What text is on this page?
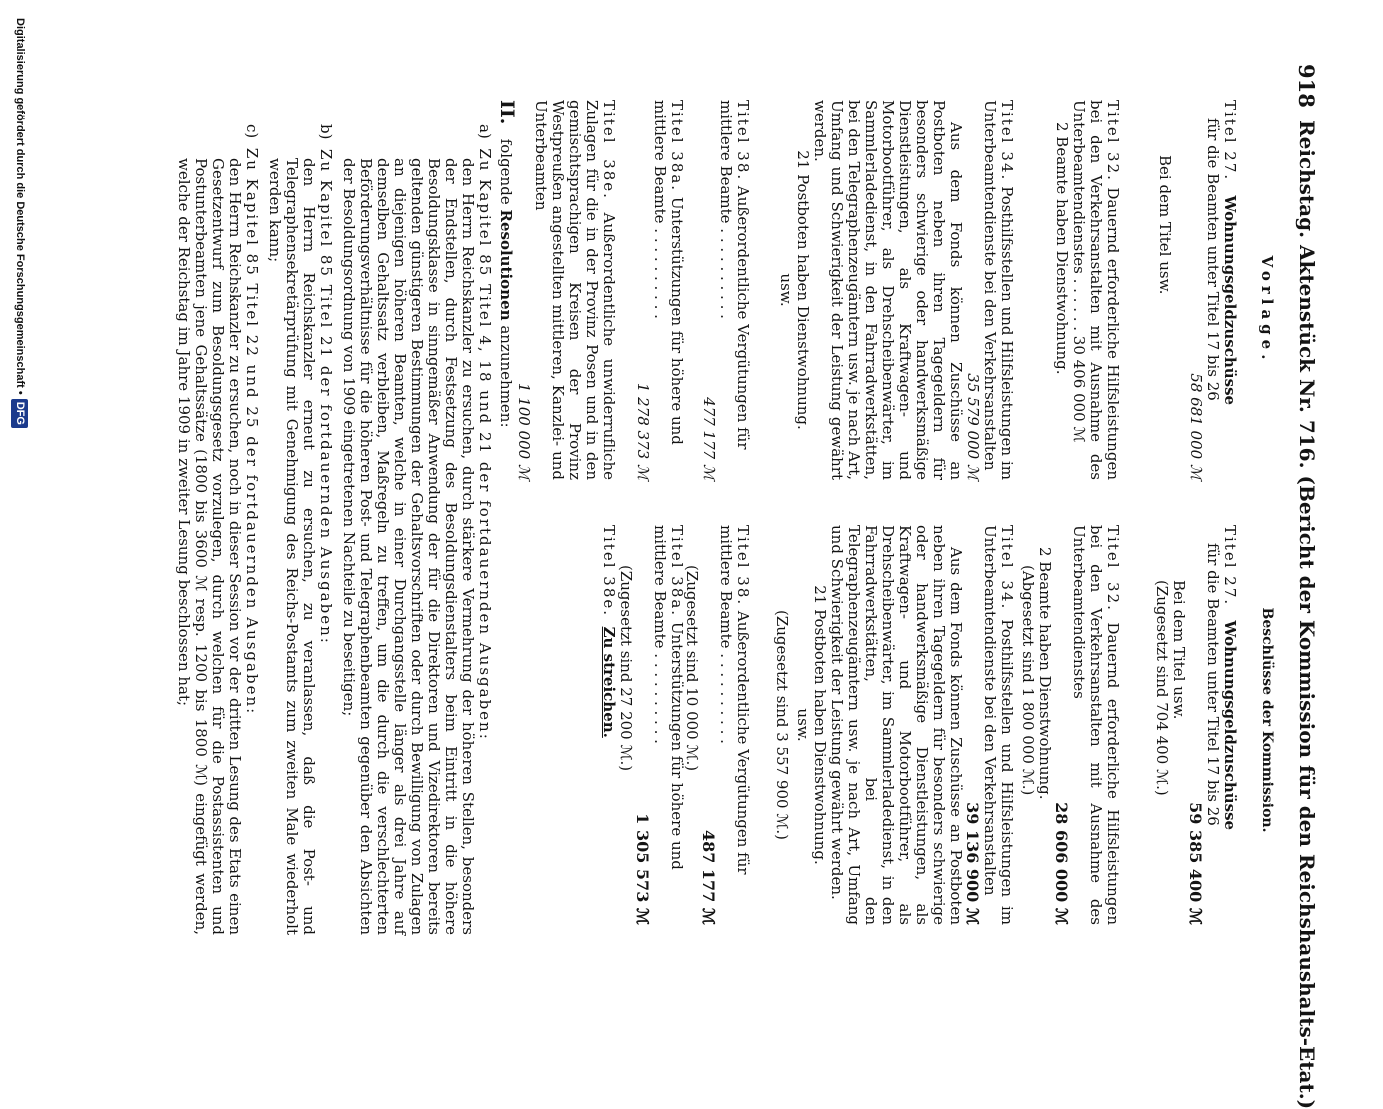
918
Reichstag. Aktenstück Nr. 716. (Bericht der Kommission für den Reichshaushalts-Etat.)
Vorlage.
Beschlüsse der Kommission.

Titel 27.   Wohnungsgeldzuschüsse

für die Beamten unter Titel 17 bis 26

58 681 000 ℳ

Bei dem Titel usw.

Titel 32. Dauernd erforderliche Hilfsleistungen bei den Verkehrsanstalten mit Ausnahme des Unterbeamtendienstes . . . . . . 30 406 000 ℳ

2 Beamte haben Dienstwohnung.

Titel 34. Posthilfsstellen und Hilfsleistungen im Unterbeamtendienste bei den Verkehrsanstalten

35 579 000 ℳ

Aus dem Fonds können Zuschüsse an Postboten neben ihren Tagegeldern für besonders schwierige oder handwerksmäßige Dienstleistungen, als Kraftwagen- und Motorbootführer, als Drehscheibenwärter, im Sammlerladedienst, in den Fahrradwerkstätten, bei den Telegraphenzeugämtern usw. je nach Art, Umfang und Schwierigkeit der Leistung gewährt werden.

21 Postboten haben Dienstwohnung.

usw.

Titel 38. Außerordentliche Vergütungen für mittlere Beamte . . . . . . . . . .

477 177 ℳ

Titel 38a. Unterstützungen für höhere und mittlere Beamte . . . . . . . . . .

1 278 373 ℳ

Titel 38e. Außerordentliche unwiderrufliche Zulagen für die in der Provinz Posen und in den gemischtsprachigen Kreisen der Provinz Westpreußen angestellten mittleren, Kanzlei- und Unterbeamten

1 100 000 ℳ

Titel 27.   Wohnungsgeldzuschüsse

für die Beamten unter Titel 17 bis 26

59 385 400 ℳ

Bei dem Titel usw.

(Zugesetzt sind 704 400 ℳ.)

Titel 32. Dauernd erforderliche Hilfsleistungen bei den Verkehrsanstalten mit Ausnahme des Unterbeamtendienstes

28 606 000 ℳ

2 Beamte haben Dienstwohnung.

(Abgesetzt sind 1 800 000 ℳ.)

Titel 34. Posthilfsstellen und Hilfsleistungen im Unterbeamtendienste bei den Verkehrsanstalten

39 136 900 ℳ

Aus dem Fonds können Zuschüsse an Postboten neben ihren Tagegeldern für besonders schwierige oder handwerksmäßige Dienstleistungen, als Kraftwagen- und Motorbootführer, als Drehscheibenwärter, im Sammlerladedienst, in den Fahrradwerkstätten, bei den Telegraphenzeugämtern usw. je nach Art, Umfang und Schwierigkeit der Leistung gewährt werden.

21 Postboten haben Dienstwohnung.

usw.

(Zugesetzt sind 3 557 900 ℳ.)

Titel 38. Außerordentliche Vergütungen für mittlere Beamte . . . . . . . . . .

487 177 ℳ

(Zugesetzt sind 10 000 ℳ.)

Titel 38a. Unterstützungen für höhere und mittlere Beamte . . . . . . . . . .

1 305 573 ℳ

(Zugesetzt sind 27 200 ℳ.)

Titel 38e.  Zu streichen.

II.   folgende Resolutionen anzunehmen:

a)  Zu Kapitel 85 Titel 4, 18 und 21 der fortdauernden Ausgaben:

den Herrn Reichskanzler zu ersuchen, durch stärkere Vermehrung der höheren Stellen, besonders der Endstellen, durch Festsetzung des Besoldungsdienstalters beim Eintritt in die höhere Besoldungsklasse in sinngemäßer Anwendung der für die Direktoren und Vizedirektoren bereits geltenden günstigeren Bestimmungen der Gehaltsvorschriften oder durch Bewilligung von Zulagen an diejenigen höheren Beamten, welche in einer Durchgangsstelle länger als drei Jahre auf demselben Gehaltssatz verbleiben, Maßregeln zu treffen, um die durch die verschlechterten Beförderungsverhältnisse für die höheren Post- und Telegraphenbeamten gegenüber den Absichten der Besoldungsordnung von 1909 eingetretenen Nachteile zu beseitigen;

b)  Zu Kapitel 85 Titel 21 der fortdauernden Ausgaben:

den Herrn Reichskanzler erneut zu ersuchen, zu veranlassen, daß die Post- und Telegraphensekretärprüfung mit Genehmigung des Reichs-Postamts zum zweiten Male wiederholt werden kann;

c)  Zu Kapitel 85 Titel 22 und 25 der fortdauernden Ausgaben:

den Herrn Reichskanzler zu ersuchen, noch in dieser Session vor der dritten Lesung des Etats einen Gesetzentwurf zum Besoldungsgesetz vorzulegen, durch welchen für die Postassistenten und Postunterbeamten jene Gehaltssätze (1800 bis 3600 ℳ resp. 1200 bis 1800 ℳ) eingefügt werden, welche der Reichstag im Jahre 1909 in zweiter Lesung beschlossen hat;

Digitalisierung gefördert durch die Deutsche Forschungsgemeinschaft •DFG
